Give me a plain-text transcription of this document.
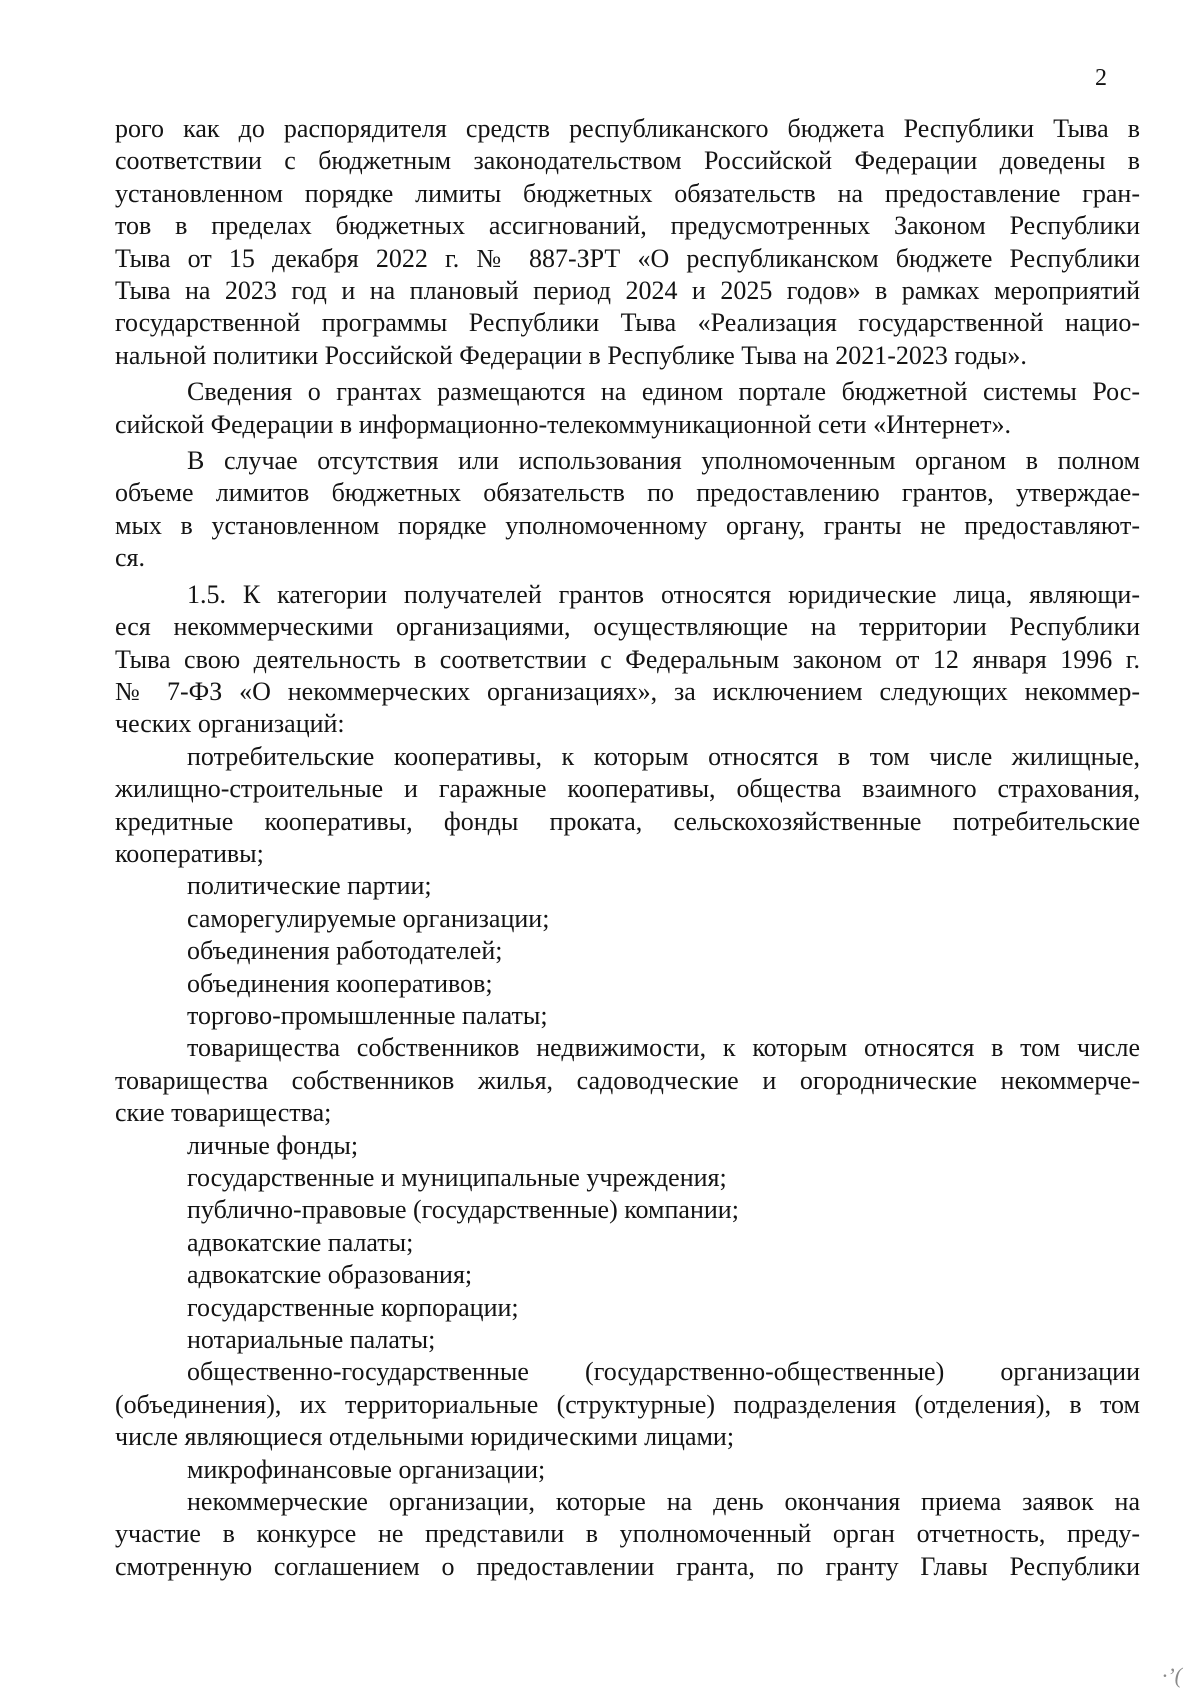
2

рого как до распорядителя средств республиканского бюджета Республики Тыва в

соответствии с бюджетным законодательством Российской Федерации доведены в

установленном порядке лимиты бюджетных обязательств на предоставление гран-

тов в пределах бюджетных ассигнований, предусмотренных Законом Республики

Тыва от 15 декабря 2022 г. № 887-ЗРТ «О республиканском бюджете Республики

Тыва на 2023 год и на плановый период 2024 и 2025 годов» в рамках мероприятий

государственной программы Республики Тыва «Реализация государственной нацио-

нальной политики Российской Федерации в Республике Тыва на 2021-2023 годы».

Сведения о грантах размещаются на едином портале бюджетной системы Рос-

сийской Федерации в информационно-телекоммуникационной сети «Интернет».

В случае отсутствия или использования уполномоченным органом в полном

объеме лимитов бюджетных обязательств по предоставлению грантов, утверждае-

мых в установленном порядке уполномоченному органу, гранты не предоставляют-

ся.

1.5. К категории получателей грантов относятся юридические лица, являющи-

еся некоммерческими организациями, осуществляющие на территории Республики

Тыва свою деятельность в соответствии с Федеральным законом от 12 января 1996 г.

№ 7-ФЗ «О некоммерческих организациях», за исключением следующих некоммер-

ческих организаций:

потребительские кооперативы, к которым относятся в том числе жилищные,

жилищно-строительные и гаражные кооперативы, общества взаимного страхования,

кредитные кооперативы, фонды проката, сельскохозяйственные потребительские

кооперативы;

политические партии;

саморегулируемые организации;

объединения работодателей;

объединения кооперативов;

торгово-промышленные палаты;

товарищества собственников недвижимости, к которым относятся в том числе

товарищества собственников жилья, садоводческие и огороднические некоммерче-

ские товарищества;

личные фонды;

государственные и муниципальные учреждения;

публично-правовые (государственные) компании;

адвокатские палаты;

адвокатские образования;

государственные корпорации;

нотариальные палаты;

общественно-государственные (государственно-общественные) организации

(объединения), их территориальные (структурные) подразделения (отделения), в том

числе являющиеся отдельными юридическими лицами;

микрофинансовые организации;

некоммерческие организации, которые на день окончания приема заявок на

участие в конкурсе не представили в уполномоченный орган отчетность, преду-

смотренную соглашением о предоставлении гранта, по гранту Главы Республики

·’(
